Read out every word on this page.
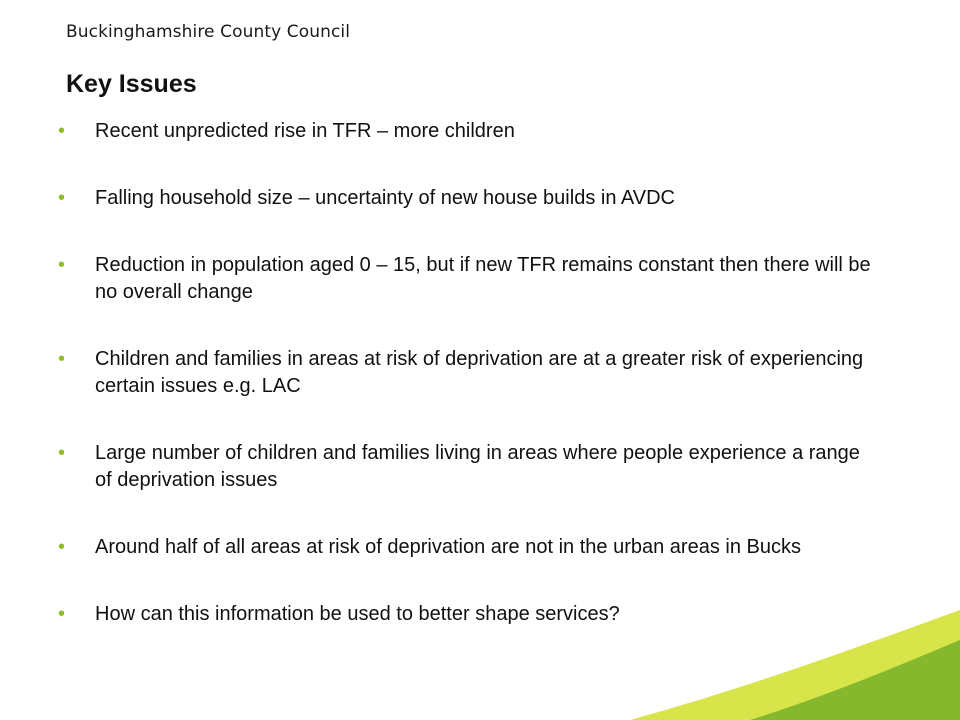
Buckinghamshire County Council
Key Issues
• Recent unpredicted rise in TFR – more children
• Falling household size – uncertainty of new house builds in AVDC
• Reduction in population aged 0 – 15, but if new TFR remains constant then there will be no overall change
• Children and families in areas at risk of deprivation are at a greater risk of experiencing certain issues e.g. LAC
• Large number of children and families living in areas where people experience a range of deprivation issues
• Around half of all areas at risk of deprivation are not in the urban areas in Bucks
• How can this information be used to better shape services?
